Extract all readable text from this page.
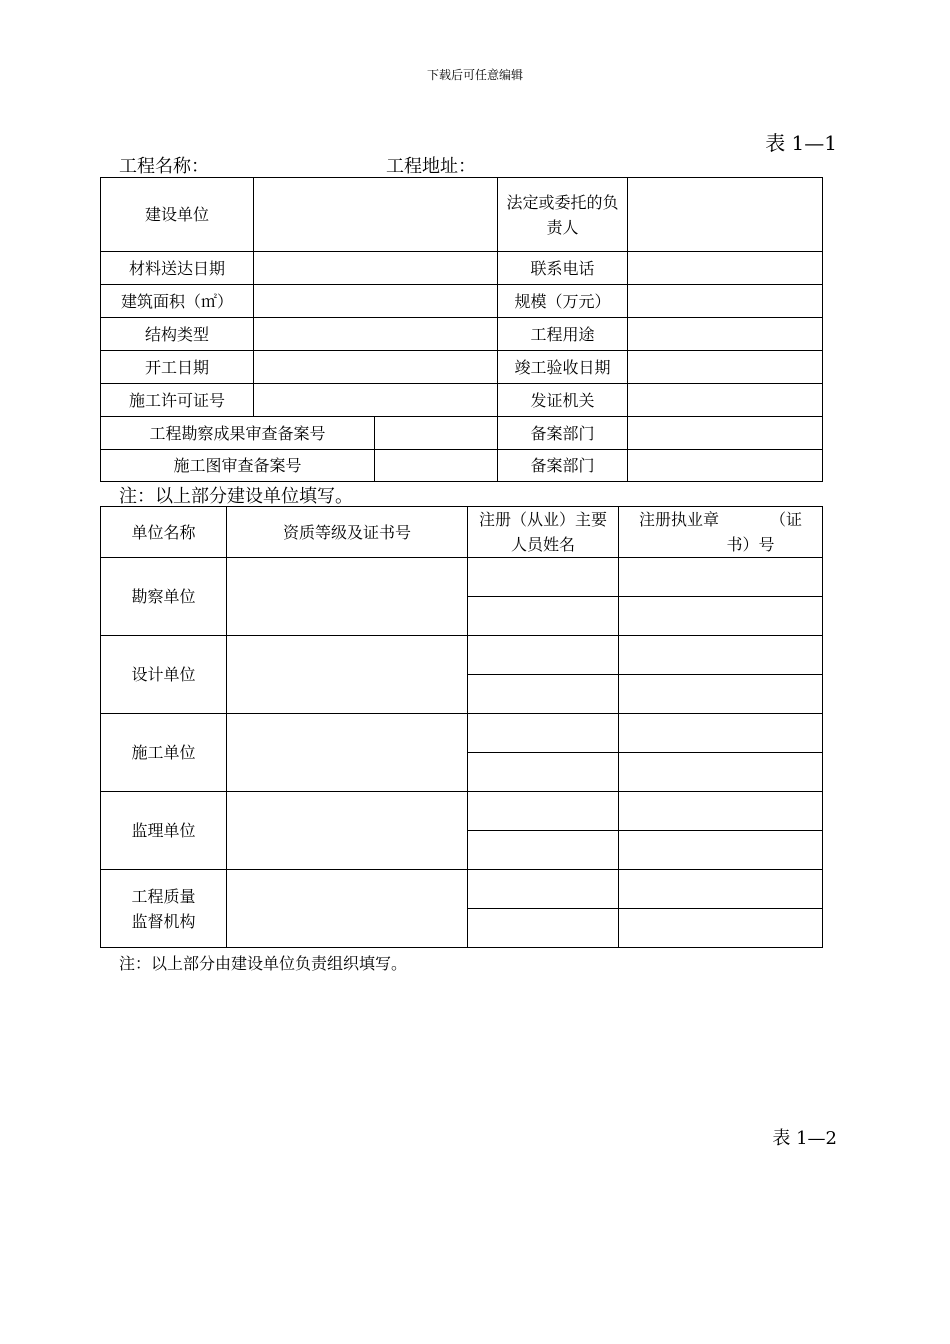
下载后可任意编辑
表 1—1
工程名称：	工程地址：
建设单位			法定或委托的负责人	
材料送达日期			联系电话	
建筑面积（㎡）			规模（万元）	
结构类型			工程用途	
开工日期			竣工验收日期	
施工许可证号			发证机关	
工程勘察成果审查备案号			备案部门	
施工图审查备案号			备案部门	
注：以上部分建设单位填写。
单位名称	资质等级及证书号	注册（从业）主要人员姓名	注册执业章 （证
书）号

勘察单位			

设计单位			

施工单位			

监理单位			

工程质量
监督机构			

注：以上部分由建设单位负责组织填写。
表 1—2
